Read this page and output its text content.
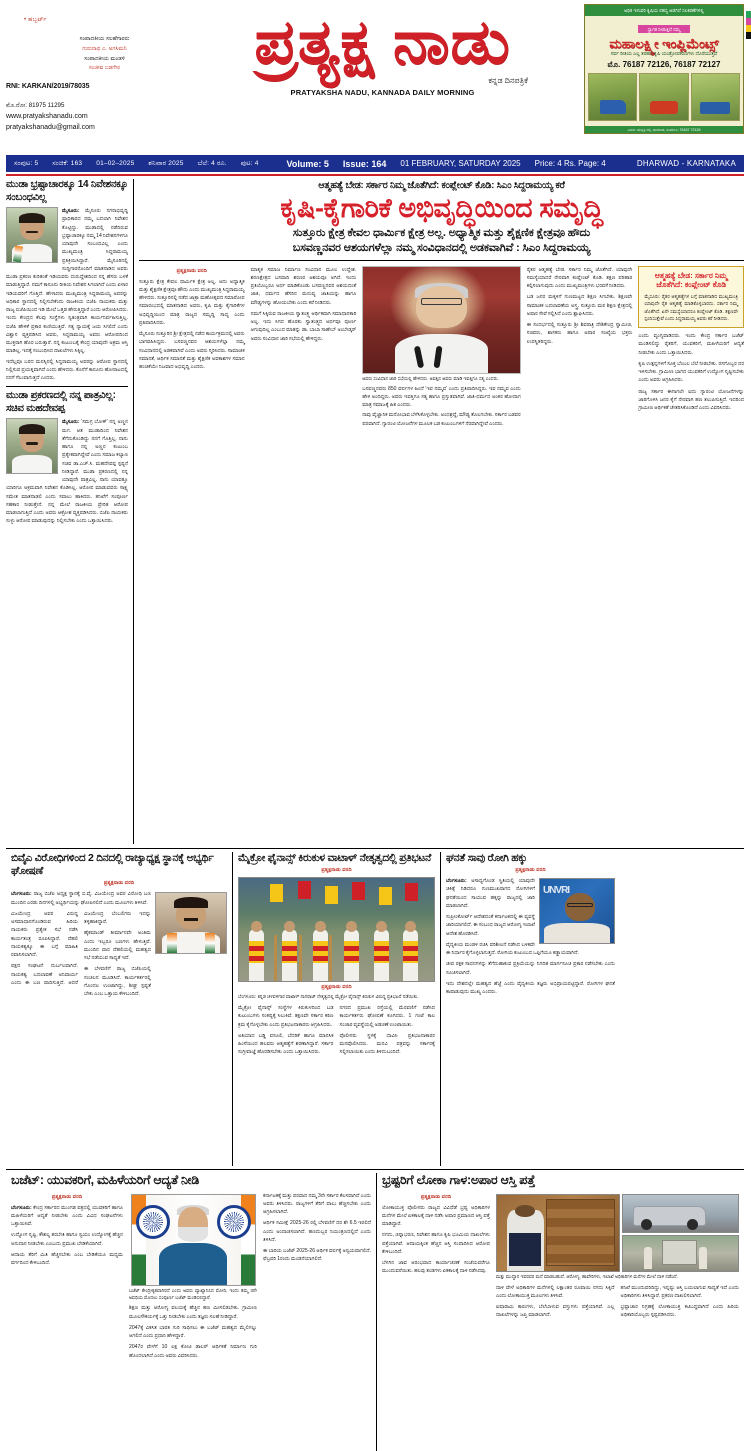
• ಹಬ್ಬರ್ಟ್
ಸಂಪಾದಕೀಯ ಸಲಹೆಗಾರರು
ಗುರುನಾಥ ಎ. ಅಗಸಿಮನಿ
ಸಂಪಾದಕೀಯ ಮಂಡಳಿ
ಸಂಜೀವ ಬಡಗೇರ
RNI: KARKAN/2019/78035
ಮೊ.ನೋ: 81975 11295
www.pratyakshanadu.com
pratyakshanadu@gmail.com
ಪ್ರತ್ಯಕ್ಷ ನಾಡು
ಕನ್ನಡ ದಿನಪತ್ರಿಕೆ
PRATYAKSHA NADU, KANNADA DAILY MORNING
ಅಧಿಕ ಇಳುವರಿ ಕೃಷಿಯ ರಹಸ್ಯ ಅಡಗಿದೆ ಸಲಕರಣೆಗಳಲ್ಲಿ
ಸ್ವಾಗತ ನೀಡುತ್ತಿದೆ ನಮ್ಮ
ಮಹಾಲಕ್ಷ್ಮೀ ಇಂಪ್ಲಿಮೆಂಟ್ಸ್
ಸರ್ವ ರೀತಿಯ ಎಲ್ಲ ತರಹದ ಕೃಷಿ ಯಂತ್ರೋಪಕರಣಗಳು ದೊರೆಯುತ್ತವೆ
ಮೊ. 76187 72126, 76187 72127
ವಿಳಾಸ: ಹುಬ್ಬಳ್ಳಿ ರಸ್ತೆ, ಧಾರವಾಡ, ಸಂಪರ್ಕಿಸಿ: 76187 72126
ಸಂಪುಟ: 5 ಸಂಚಿಕೆ: 163 01–02–2025 ಶನಿವಾರ 2025 ಬೆಲೆ: 4 ರೂ. ಪುಟ: 4	Volume: 5 Issue: 164 01 FEBRUARY, SATURDAY 2025 Price: 4 Rs. Page: 4	DHARWAD - KARNATAKA
ಮುಡಾ ಭ್ರಷ್ಟಾಚಾರಕ್ಕೂ 14 ನಿವೇಶನಕ್ಕೂ ಸಂಬಂಧವಿಲ್ಲ
ಮೈಸೂರು: ಮೈಸೂರು ನಗರಾಭಿವೃದ್ಧಿ ಪ್ರಾಧಿಕಾರದ ನಮ್ಮ ಬದಲಾಗಿ ನಿವೇಶನ ಕೊಟ್ಟಿದ್ದು. ಮುಡಾದಲ್ಲಿ ನಡೆದಿರುವ ಭ್ರಷ್ಟಾಚಾರಕ್ಕೂ ನಮ್ಮ 14 ನಿವೇಶನಗಳಿಗೂ ಯಾವುದೇ ಸಂಬಂಧವಿಲ್ಲ ಎಂದು ಮುಖ್ಯಮಂತ್ರಿ ಸಿದ್ದರಾಮಯ್ಯ ಪ್ರತಿಕ್ರಿಯಿಸಿದ್ದಾರೆ. ಮೈಸೂರಿನಲ್ಲಿ ಸುದ್ದಿಗಾರರೊಂದಿಗೆ ಮಾತನಾಡಿದ ಅವರು ಮುಡಾ ಪ್ರಕರಣ ಕುರಿತಂತೆ ಇಡಿಯವರು ದುರುದ್ದೇಶದಿಂದ ನನ್ನ ಹೆಸರು ಬಳಕೆ ಮಾಡುತ್ತಿದ್ದಾರೆ. ನಮಗೆ ಕಾನೂನು ರೀತಿಯ ನಿವೇಶನ ಸಿಗಲಾಗಿದೆ ಎಂದು ಏಳಾರ ಇಡಿಯವರಿಗೆ ಗೊತ್ತಿದೆ. ಹೇಳಾದರು ಮುಖ್ಯಮಂತ್ರಿ ಸಿದ್ದರಾಮಯ್ಯ ಅವರನ್ನು ಅಧಿಕಾರ ಸ್ಥಾನದಲ್ಲಿ ನಿಲ್ಲಿಸಬೇಕೆಂದು ರಾಜಕೀಯ ಬಿಜೆಪಿ ನಾಯಕರು ಮತ್ತು ರಾಜ್ಯ ಬಿಜೆಪಿಯಿಂದ ಇಡಿ ಮೇಲೆ ಒತ್ತಡ ಹೇರುತ್ತಿದ್ದಾರೆ ಎಂದು ಆರೋಪಿಸಿದರು. ಇಂದು ಕೇಂದ್ರದ ಕೆಲವು ಸಂಸ್ಥೆಗಳು ಸ್ವತಂತ್ರವಾಗಿ ಕಾರ್ಯನಿರ್ವಹಿಸುತ್ತಿಲ್ಲ. ಬಿಜೆಪಿ ಹೇಳಿಕೆ ಪ್ರಕಾರ ಕುಣಿಯುತ್ತಿವೆ. ಸತ್ಯ ನ್ಯಾಯಕ್ಕೆ ಜಯ ಸಿಗಲಿದೆ ಎಂದು ವಿಶ್ವಾಸ ವ್ಯಕ್ತಪಡಿಸಿದ ಅವರು, ಸಿದ್ದರಾಮಯ್ಯ ಅವರು ಆರೋಪದಿಂದ ಮುಕ್ತರಾಗಿ ಹೊರ ಬರುತ್ತಾರೆ. ನನ್ನ ಕುಟುಂಬಕ್ಕೆ ಕೇಂದ್ರ ಯಾವುದೇ ಅಕ್ರಮ ಆಸ್ತಿ ಮಾಡಿಲ್ಲ. ಇದಕ್ಕೆ ಸಂಬಂಧಿಸಿದ ದಾಖಲೆಗಳು ಸಿಕ್ಕಿಲ್ಲ.
ಇದೆಲ್ಲವೂ ಬರದ ಮನಸ್ಸಿನಲ್ಲಿ ಸಿದ್ದರಾಮಯ್ಯ ಅವರನ್ನು ಆರೋಪ ಸ್ಥಾನದಲ್ಲಿ ನಿಲ್ಲಿಸುವ ಪ್ರಯತ್ನವಾಗಿದೆ ಎಂದು ಹೇಳಿದರು. ಕೊನೆಗೆ ಕಾನೂನು ಹೋರಾಟದಲ್ಲಿ ನನಗೆ ಗೆಲುವಾಗುತ್ತದೆ ಎಂದರು.
ಮುಡಾ ಪ್ರಕರಣದಲ್ಲಿ ನನ್ನ ಪಾತ್ರವಿಲ್ಲ: ಸಚಿವ ಮಹದೇವಪ್ಪ
ಮೈಸೂರು: 'ಸಮಗ್ರ ಬೋಕ್' ನನ್ನ ಅಣ್ಣನ ಮಗ. ಆತ ಮುಡಾದಿಂದ ನಿವೇಶನ ತೆಗೆದುಕೊಂಡಿದ್ದು ನನಗೆ ಗೊತ್ತಿಲ್ಲ. ನಾನು ಹಾಗೂ ನನ್ನ ಅಣ್ಣನ ಕುಟುಂಬ ಪ್ರತ್ಯೇಕವಾಗಿದ್ದೇವೆ ಎಂದು ಸಮಾಜ ಕಲ್ಯಾಣ ಸಚಿವ ಡಾ.ಎಚ್.ಸಿ. ಮಹದೇವಪ್ಪ ಸ್ಪಷ್ಟನೆ ನೀಡಿದ್ದಾರೆ. ಮುಡಾ ಪ್ರಕರಣದಲ್ಲಿ ನನ್ನ ಯಾವುದೇ ಪಾತ್ರವಿಲ್ಲ. ನಾನು ಯಾವತ್ತೂ ಯಾರಿಗೂ ಅಕ್ರಮವಾಗಿ ನಿವೇಶನ ಕೊಡಿಸಿಲ್ಲ. ಆರೋಪ ಮಾಡುವವರು ಸಾಕ್ಷ್ಯ ಸಮೇತ ಮಾತನಾಡಲಿ ಎಂದು ಸವಾಲು ಹಾಕಿದರು. ತನಿಖೆಗೆ ಸಂಪೂರ್ಣ ಸಹಕಾರ ನೀಡುತ್ತೇನೆ. ನನ್ನ ಮೇಲೆ ರಾಜಕೀಯ ಪ್ರೇರಿತ ಆರೋಪ ಮಾಡಲಾಗುತ್ತಿದೆ ಎಂದು ಅವರು ಆಕ್ರೋಶ ವ್ಯಕ್ತಪಡಿಸಿದರು. ಬಿಜೆಪಿ ನಾಯಕರು ಸುಳ್ಳು ಆರೋಪ ಮಾಡುವುದನ್ನು ನಿಲ್ಲಿಸಬೇಕು ಎಂದು ಒತ್ತಾಯಿಸಿದರು.
ಆತ್ಮಹತ್ಯೆ ಬೇಡ: ಸರ್ಕಾರ ನಿಮ್ಮ ಜೊತೆಗಿದೆ: ಕಂಪ್ಲೇಂಟ್ ಕೊಡಿ: ಸಿಎಂ ಸಿದ್ದರಾಮಯ್ಯ ಕರೆ
ಕೃಷಿ-ಕೈಗಾರಿಕೆ ಅಭಿವೃದ್ಧಿಯಿಂದ ಸಮೃದ್ಧಿ
ಸುತ್ತೂರು ಕ್ಷೇತ್ರ ಕೇವಲ ಧಾರ್ಮಿಕ ಕ್ಷೇತ್ರ ಅಲ್ಲ. ಅಧ್ಯಾತ್ಮಿಕ ಮತ್ತು ಶೈಕ್ಷಣಿಕ ಕ್ಷೇತ್ರವೂ ಹೌದು
ಬಸವಣ್ಣನವರ ಆಶಯಗಳೆಲ್ಲಾ ನಮ್ಮ ಸಂವಿಧಾನದಲ್ಲಿ ಅಡಕವಾಗಿವೆ : ಸಿಎಂ ಸಿದ್ದರಾಮಯ್ಯ
ಪ್ರತ್ಯಕ್ಷನಾಡು ವರದಿ
ಸುತ್ತೂರು ಕ್ಷೇತ್ರ ಕೇವಲ ಧಾರ್ಮಿಕ ಕ್ಷೇತ್ರ ಅಲ್ಲ. ಅದು ಅಧ್ಯಾತ್ಮಿಕ ಮತ್ತು ಶೈಕ್ಷಣಿಕ ಕ್ಷೇತ್ರವೂ ಹೌದು ಎಂದು ಮುಖ್ಯಮಂತ್ರಿ ಸಿದ್ದರಾಮಯ್ಯ ಹೇಳಿದರು. ಸುತ್ತೂರಿನಲ್ಲಿ ನಡೆದ ಜಾತ್ರಾ ಮಹೋತ್ಸವದ ಸಮಾರೋಪ ಸಮಾರಂಭದಲ್ಲಿ ಮಾತನಾಡಿದ ಅವರು, ಕೃಷಿ ಮತ್ತು ಕೈಗಾರಿಕೆಗಳ ಅಭಿವೃದ್ಧಿಯಿಂದ ಮಾತ್ರ ರಾಜ್ಯದ ಸಮೃದ್ಧಿ ಸಾಧ್ಯ ಎಂದು ಪ್ರತಿಪಾದಿಸಿದರು.
ಮೈಸೂರು ಸುತ್ತೂರಿನ ಶ್ರೀ ಕ್ಷೇತ್ರದಲ್ಲಿ ನಡೆದ ಕಾರ್ಯಕ್ರಮದಲ್ಲಿ ಅವರು ಭಾಗವಹಿಸಿದ್ದರು. ಬಸವಣ್ಣನವರ ಆಶಯಗಳೆಲ್ಲಾ ನಮ್ಮ ಸಂವಿಧಾನದಲ್ಲಿ ಅಡಕವಾಗಿವೆ ಎಂದು ಅವರು ಸ್ಮರಿಸಿದರು. ಸಾಮಾಜಿಕ ಸಮಾನತೆ, ಆರ್ಥಿಕ ಸಮಾನತೆ ಮತ್ತು ಶೈಕ್ಷಣಿಕ ಅವಕಾಶಗಳ ಸಮಾನ ಹಂಚಿಕೆಯೇ ನಿಜವಾದ ಅಭಿವೃದ್ಧಿ ಎಂದರು.
ಮಾತೃಕ ಸಮಾಜ ನಿರ್ಮಾಣ ಸಂವಿಧಾನ ಮೂಲ ಉದ್ದೇಶ. ಶರಣಕ್ಷೇತ್ರದ ಬಸವಾದಿ ಶರಣರ ಆಶಯವೂ ಅಗಿದೆ. ಇಂದು ಪ್ರತಿಯೊಬ್ಬರೂ ಅರ್ಥ ಮಾಡಿಕೊಂಡು ಬಸವಣ್ಣನವರ ಆಶಯದಂತೆ ಜಾತಿ, ಧರ್ಮದ ಹೆಸರಿನ ಮನುಷ್ಯ ಜಾತಿಯನ್ನು ಹಾಗೂ ಮೌಢ್ಯಗಳನ್ನು ಹೋಯಬೇಕು ಎಂದು ಕರೆ ನೀಡಿದರು.
ನಮಗೆ ಸಿಕ್ಕಿರುವ ರಾಜಕೀಯ ಸ್ವಾತಂತ್ರ್ಯ ಆರ್ಥಿಕವಾಗಿ ಸಮಾಧಾನಕಾರಿ ಅಲ್ಲ. ಇದು ಸಿಗದ ಹೊರತು ಸ್ವಾತಂತ್ರ್ಯದ ಅರ್ಥವೂ ಪೂರ್ಣ ಆಗುವುದಿಲ್ಲ ಎಂಬುದ ಮಾತನ್ನು ಡಾ. ಬಾಬಾ ಸಾಹೇಬ್ ಅಂಬೇಡ್ಕರ್ ಅವರು ಸಂವಿಧಾನ ಜಾರಿ ಸಭೆಯಲ್ಲಿ ಹೇಳಿದ್ದರು.
ಅವರು ಸಂವಿಧಾನ ಜಾರಿ ಸಭೆಯಲ್ಲಿ ಹೇಳಿದರು. ಅವತ್ತಿನ ಅವರು ಮಾಡಿ ಇವತ್ತಿಗೂ ಸತ್ಯ ಎಂದರು.
ಬಸವಣ್ಣನವರು 850 ವರ್ಷಗಳ ಹಿಂದೆ 'ಇವ ನಮ್ಮವ' ಎಂದು ಪ್ರತಿಪಾದಿಸಿದ್ದರು. ಇವ ನಮ್ಮವ ಎಂದು ಹೇಳಿ ಅಂದಿದ್ದರು. ಅವರು ಇವತ್ತಿಗೂ ಸತ್ಯ ಹಾಗೂ ಪ್ರಸ್ತುತವಾಗಿವೆ. ಜಾತಿ-ಧರ್ಮದ ಅಂತರ ಹೋದಾಗ ಮಾತ್ರ ಸಮಾಜಕ್ಕೆ ಹಿತ ಎಂದರು.
ನಾವು ವೈಜ್ಞಾನಿಕ ಮನೋಭಾವ ಬೆಳೆಸಿಕೊಳ್ಳಬೇಕು. ಅಂಧಶ್ರದ್ಧೆ, ಮೌಢ್ಯ ತೊಲಗಬೇಕು. ಸರ್ಕಾರ ಬಡವರ ಪರವಾಗಿದೆ. ಗ್ಯಾರಂಟಿ ಯೋಜನೆಗಳ ಮೂಲಕ ಬಡ ಕುಟುಂಬಗಳಿಗೆ ನೆರವಾಗಿದ್ದೇವೆ ಎಂದರು.
ರೈತರ ಆತ್ಮಹತ್ಯೆ ಬೇಡ. ಸರ್ಕಾರ ನಿಮ್ಮ ಜೊತೆಗಿದೆ. ಯಾವುದೇ ಸಮಸ್ಯೆಯಾದರೆ ನೇರವಾಗಿ ಕಂಪ್ಲೇಂಟ್ ಕೊಡಿ. ತಕ್ಷಣ ಪರಿಹಾರ ಕಲ್ಪಿಸಲಾಗುವುದು ಎಂದು ಮುಖ್ಯಮಂತ್ರಿಗಳು ಭರವಸೆ ನೀಡಿದರು.
ಬಡ ಜನರ ಮಕ್ಕಳಿಗೆ ಗುಣಮಟ್ಟದ ಶಿಕ್ಷಣ ಸಿಗಬೇಕು. ಶಿಕ್ಷಣವೇ ಸಾಮಾಜಿಕ ಬದಲಾವಣೆಯ ಅಸ್ತ್ರ. ಸುತ್ತೂರು ಮಠ ಶಿಕ್ಷಣ ಕ್ಷೇತ್ರದಲ್ಲಿ ಅಪಾರ ಸೇವೆ ಸಲ್ಲಿಸಿದೆ ಎಂದು ಶ್ಲಾಘಿಸಿದರು.
ಈ ಸಂದರ್ಭದಲ್ಲಿ ಸುತ್ತೂರು ಶ್ರೀ ಶಿವರಾತ್ರಿ ದೇಶಿಕೇಂದ್ರ ಸ್ವಾಮೀಜಿ, ಸಚಿವರು, ಶಾಸಕರು ಹಾಗೂ ಅಪಾರ ಸಂಖ್ಯೆಯ ಭಕ್ತರು ಉಪಸ್ಥಿತರಿದ್ದರು.
ಆತ್ಮಹತ್ಯೆ ಬೇಡ: ಸರ್ಕಾರ ನಿಮ್ಮ ಜೊತೆಗಿದೆ: ಕಂಪ್ಲೇಂಟ್ ಕೊಡಿ
ಮೈಸೂರು: ರೈತರ ಆತ್ಮಹತ್ಯೆಗಳ ಬಗ್ಗೆ ಮಾತನಾಡಿದ ಮುಖ್ಯಮಂತ್ರಿ ಯಾವುದೇ ರೈತ ಆತ್ಮಹತ್ಯೆ ಮಾಡಿಕೊಳ್ಳಬಾರದು. ಸರ್ಕಾರ ನಿಮ್ಮ ಜೊತೆಗಿದೆ. ಏನೇ ಸಮಸ್ಯೆಯಾದರೂ ಕಂಪ್ಲೇಂಟ್ ಕೊಡಿ. ತಕ್ಷಣವೇ ಸ್ಪಂದಿಸುತ್ತೇವೆ ಎಂದು ಸಿದ್ದರಾಮಯ್ಯ ಅವರು ಕರೆ ನೀಡಿದರು.
ಎಂದು ವ್ಯಂಗ್ಯವಾಡಿದರು. ಇಂದು ಕೇಂದ್ರ ಸರ್ಕಾರ ಬಜೆಟ್ ಮಂಡಿಸಲಿದ್ದು ರೈತರಿಗೆ, ಯುವಕರಿಗೆ, ಮಹಿಳೆಯರಿಗೆ ಆದ್ಯತೆ ನೀಡಬೇಕು ಎಂದು ಒತ್ತಾಯಿಸಿದರು.
ಕೃಷಿ ಉತ್ಪನ್ನಗಳಿಗೆ ಸೂಕ್ತ ಬೆಂಬಲ ಬೆಲೆ ನೀಡಬೇಕು. ರಸಗೊಬ್ಬರ ದರ ಇಳಿಸಬೇಕು. ಗ್ರಾಮೀಣ ಭಾಗದ ಯುವಕರಿಗೆ ಉದ್ಯೋಗ ಸೃಷ್ಟಿಸಬೇಕು ಎಂದು ಅವರು ಆಗ್ರಹಿಸಿದರು.
ರಾಜ್ಯ ಸರ್ಕಾರ ಈಗಾಗಲೇ ಐದು ಗ್ಯಾರಂಟಿ ಯೋಜನೆಗಳನ್ನು ಜಾರಿಗೊಳಿಸಿ ಜನರ ಕೈಗೆ ನೇರವಾಗಿ ಹಣ ತಲುಪಿಸುತ್ತಿದೆ. ಇದರಿಂದ ಗ್ರಾಮೀಣ ಆರ್ಥಿಕತೆ ಚೇತರಿಸಿಕೊಂಡಿದೆ ಎಂದು ವಿವರಿಸಿದರು.
ಬಿವೈಎ ವಿರೋಧಿಗಳಿಂದ 2 ದಿನದಲ್ಲಿ ರಾಜ್ಯಾಧ್ಯಕ್ಷ ಸ್ಥಾನಕ್ಕೆ ಅಭ್ಯರ್ಥಿ ಘೋಷಣೆ
ಪ್ರತ್ಯಕ್ಷನಾಡು ವರದಿ
ಬೆಂಗಳೂರು: ರಾಜ್ಯ ಬಿಜೆಪಿ ಅಧ್ಯಕ್ಷ ಸ್ಥಾನಕ್ಕೆ ಬಿ.ವೈ. ವಿಜಯೇಂದ್ರ ಅವರ ವಿರೋಧಿ ಬಣ ಮುಂದಿನ ಎರಡು ದಿನಗಳಲ್ಲಿ ಅಭ್ಯರ್ಥಿಯನ್ನು ಘೋಷಿಸಲಿದೆ ಎಂದು ಮೂಲಗಳು ತಿಳಿಸಿವೆ.
ವಿಜಯೇಂದ್ರ ಅವರ ವಿರುದ್ಧ ಅಸಮಾಧಾನಗೊಂಡಿರುವ ಹಿರಿಯ ನಾಯಕರು ಪ್ರತ್ಯೇಕ ಸಭೆ ನಡೆಸಿ ಕಾರ್ಯತಂತ್ರ ರೂಪಿಸಿದ್ದಾರೆ. ದೆಹಲಿ ನಾಯಕತ್ವಕ್ಕೂ ಈ ಬಗ್ಗೆ ಮಾಹಿತಿ ರವಾನಿಸಲಾಗಿದೆ.
ಪಕ್ಷದ ಸಂಘಟನೆ ದುರ್ಬಲವಾಗಿದೆ. ನಾಯಕತ್ವ ಬದಲಾವಣೆ ಅನಿವಾರ್ಯ ಎಂದು ಈ ಬಣ ವಾದಿಸುತ್ತಿದೆ. ಆದರೆ ವಿಜಯೇಂದ್ರ ಬೆಂಬಲಿಗರು ಇದನ್ನು ತಳ್ಳಿಹಾಕಿದ್ದಾರೆ.
ಹೈಕಮಾಂಡ್ ತೀರ್ಮಾನವೇ ಅಂತಿಮ ಎಂದು ಇಬ್ಬರೂ ಬಣಗಳು ಹೇಳುತ್ತಿವೆ. ಮುಂದಿನ ವಾರ ದೆಹಲಿಯಲ್ಲಿ ಮಹತ್ವದ ಸಭೆ ನಡೆಯುವ ಸಾಧ್ಯತೆ ಇದೆ.
ಈ ಬೆಳವಣಿಗೆ ರಾಜ್ಯ ಬಿಜೆಪಿಯಲ್ಲಿ ಸಂಚಲನ ಮೂಡಿಸಿದೆ. ಕಾರ್ಯಕರ್ತರಲ್ಲಿ ಗೊಂದಲ ಉಂಟಾಗಿದ್ದು, ಶೀಘ್ರ ಸ್ಪಷ್ಟತೆ ಬೇಕು ಎಂಬ ಒತ್ತಾಯ ಕೇಳಿಬಂದಿದೆ.
ಮೈಕ್ರೋ ಫೈನಾನ್ಸ್ ಕಿರುಕುಳ ವಾಟಾಳ್ ನೇತೃತ್ವದಲ್ಲಿ ಪ್ರತಿಭಟನೆ
ಪ್ರತ್ಯಕ್ಷನಾಡು ವರದಿ
ಪ್ರತ್ಯಕ್ಷನಾಡು ವರದಿ
ಬೆಂಗಳೂರು: ಕನ್ನಡ ಚಳವಳಿಗಾರ ವಾಟಾಳ್ ನಾಗರಾಜ್ ನೇತೃತ್ವದಲ್ಲಿ ಮೈಕ್ರೋ ಫೈನಾನ್ಸ್ ಕಿರುಕುಳ ವಿರುದ್ಧ ಪ್ರತಿಭಟನೆ ನಡೆಯಿತು.
ಮೈಕ್ರೋ ಫೈನಾನ್ಸ್ ಸಂಸ್ಥೆಗಳ ಕಿರುಕುಳದಿಂದ ಬಡ ಕುಟುಂಬಗಳು ಸಂಕಷ್ಟಕ್ಕೆ ಸಿಲುಕಿವೆ. ತಕ್ಷಣವೇ ಸರ್ಕಾರ ಕಠಿಣ ಕ್ರಮ ಕೈಗೊಳ್ಳಬೇಕು ಎಂದು ಪ್ರತಿಭಟನಾಕಾರರು ಆಗ್ರಹಿಸಿದರು.
ಅತಿಯಾದ ಬಡ್ಡಿ ವಸೂಲಿ, ಬೆದರಿಕೆ ಹಾಗೂ ಮಾನಸಿಕ ಹಿಂಸೆಯಿಂದ ಹಲವರು ಆತ್ಮಹತ್ಯೆಗೆ ಶರಣಾಗಿದ್ದಾರೆ. ಸರ್ಕಾರ ಸುಗ್ರೀವಾಜ್ಞೆ ಹೊರಡಿಸಬೇಕು ಎಂದು ಒತ್ತಾಯಿಸಿದರು.
ನಗರದ ಪ್ರಮುಖ ರಸ್ತೆಯಲ್ಲಿ ಮೆರವಣಿಗೆ ನಡೆಸಿದ ಕಾರ್ಯಕರ್ತರು ಘೋಷಣೆ ಕೂಗಿದರು. 1 ಗಂಟೆ ಕಾಲ ಸಂಚಾರ ವ್ಯವಸ್ಥೆಯಲ್ಲಿ ಅಡಚಣೆ ಉಂಟಾಯಿತು.
ಪೊಲೀಸರು ಸ್ಥಳಕ್ಕೆ ಧಾವಿಸಿ ಪ್ರತಿಭಟನಾಕಾರರ ಮನವೊಲಿಸಿದರು. ಮನವಿ ಪತ್ರವನ್ನು ಸರ್ಕಾರಕ್ಕೆ ಸಲ್ಲಿಸಲಾಯಿತು ಎಂದು ತಿಳಿದುಬಂದಿದೆ.
ಘನತೆ ಸಾವು ರೋಗಿ ಹಕ್ಕು
ಪ್ರತ್ಯಕ್ಷನಾಡು ವರದಿ
UNVRI
ಬೆಂಗಳೂರು: ಅಸಾಧ್ಯಗೊಂಡ ಸ್ಥಿತಿಯಲ್ಲಿ ಯಾವುದೇ ಚಿಕಿತ್ಸೆ ನಿಡಿದರೂ ಗುಣಮುಖರಾಗದ ರೋಗಿಗಳಿಗೆ ಘನತೆಯಿಂದ ಸಾಯುವ ಹಕ್ಕನ್ನು ರಾಜ್ಯದಲ್ಲಿ ಜಾರಿ ಮಾಡಲಾಗಿದೆ.
ಸುಪ್ರೀಂಕೋರ್ಟ್ ಆದೇಶದಂತೆ ಕರ್ನಾಟಕದಲ್ಲಿ ಈ ವ್ಯವಸ್ಥೆ ಜಾರಿಯಾಗಲಿದೆ. ಈ ಸಂಬಂಧ ರಾಜ್ಯದ ಆರೋಗ್ಯ ಇಲಾಖೆ ಆದೇಶ ಹೊರಡಿಸಿದೆ.
ವೈದ್ಯಕೀಯ ಮಂಡಳಿ ರಚಿಸಿ ಪರಿಶೀಲನೆ ನಡೆಸಿದ ಬಳಿಕವೇ ಈ ನಿರ್ಧಾರ ಕೈಗೊಳ್ಳಲಾಗುತ್ತದೆ. ರೋಗಿಯ ಕುಟುಂಬದ ಒಪ್ಪಿಗೆಯೂ ಕಡ್ಡಾಯವಾಗಿದೆ.
ಜೀವ ರಕ್ಷಕ ಸಾಧನಗಳನ್ನು ತೆಗೆದುಹಾಕುವ ಪ್ರಕ್ರಿಯೆಯನ್ನು ನಿಗದಿತ ಮಾರ್ಗಸೂಚಿ ಪ್ರಕಾರ ನಡೆಸಬೇಕು ಎಂದು ಸೂಚಿಸಲಾಗಿದೆ.
ಇದು ದೇಶದಲ್ಲೇ ಮಹತ್ವದ ಹೆಜ್ಜೆ ಎಂದು ವೈದ್ಯಕೀಯ ತಜ್ಞರು ಅಭಿಪ್ರಾಯಪಟ್ಟಿದ್ದಾರೆ. ರೋಗಿಗಳ ಘನತೆ ಕಾಪಾಡುವುದು ಮುಖ್ಯ ಎಂದರು.
ಬಜೆಟ್: ಯುವಕರಿಗೆ, ಮಹಿಳೆಯರಿಗೆ ಆದ್ಯತೆ ನೀಡಿ
ಪ್ರತ್ಯಕ್ಷನಾಡು ವರದಿ
ಬೆಂಗಳೂರು: ಕೇಂದ್ರ ಸರ್ಕಾರದ ಮುಂಗಡ ಪತ್ರದಲ್ಲಿ ಯುವಕರಿಗೆ ಹಾಗೂ ಮಹಿಳೆಯರಿಗೆ ಆದ್ಯತೆ ನೀಡಬೇಕು ಎಂದು ವಿವಿಧ ಸಂಘಟನೆಗಳು ಒತ್ತಾಯಿಸಿವೆ.
ಉದ್ಯೋಗ ಸೃಷ್ಟಿ, ಕೌಶಲ್ಯ ತರಬೇತಿ ಹಾಗೂ ಸ್ವಯಂ ಉದ್ಯೋಗಕ್ಕೆ ಹೆಚ್ಚಿನ ಅನುದಾನ ನೀಡಬೇಕು ಎಂಬುದು ಪ್ರಮುಖ ಬೇಡಿಕೆಯಾಗಿದೆ.
ಆದಾಯ ತೆರಿಗೆ ಮಿತಿ ಹೆಚ್ಚಿಸಬೇಕು ಎಂಬ ಬೇಡಿಕೆಯೂ ಮಧ್ಯಮ ವರ್ಗದಿಂದ ಕೇಳಿಬಂದಿದೆ.
ಬಜೆಟ್ ಕೇಂದ್ರೀಕೃತವಾಗಿರದೆ ಎಂದು ಅವರು ವ್ಯಾಖ್ಯಾನಿಸಿದ ಮೋದಿ, ಇಂದು ತಮ್ಮ 3ನೇ ಅವಧಿಯ ಮೊದಲು ಸಂಪೂರ್ಣ ಬಜೆಟ್ ಮಂಡಿಸಲಿದ್ದಾರೆ.
ಶಿಕ್ಷಣ ಮತ್ತು ಆರೋಗ್ಯ ವಲಯಕ್ಕೆ ಹೆಚ್ಚಿನ ಹಣ ಮೀಸಲಿಡಬೇಕು. ಗ್ರಾಮೀಣ ಮೂಲಸೌಕರ್ಯಕ್ಕೆ ಒತ್ತು ನೀಡಬೇಕು ಎಂದು ತಜ್ಞರು ಸಲಹೆ ನೀಡಿದ್ದಾರೆ.
2047ಕ್ಕೆ ವಿಕಸಿತ ಭಾರತ ಗುರಿ ಸಾಧಿಸಲು ಈ ಬಜೆಟ್ ಮಹತ್ವದ ಮೈಲಿಗಲ್ಲು ಆಗಲಿದೆ ಎಂದು ಪ್ರಧಾನಿ ಹೇಳಿದ್ದಾರೆ.
2047ರ ವೇಳೆಗೆ 10 ಲಕ್ಷ ಕೋಟಿ ಡಾಲರ್ ಆರ್ಥಿಕತೆ ನಿರ್ಮಾಣ ಗುರಿ ಹೊಂದಲಾಗಿದೆ ಎಂದು ಅವರು ವಿವರಿಸಿದರು.
ಕರ್ನಾಟಕಕ್ಕೆ ಮತ್ತು ಪರವಾದ ನಮ್ಮ 3ನೇ ಸರ್ಕಾರ ಕೆಲಸವಾಗಿದೆ ಎಂದು ಅವರು ತಿಳಿಸಿದರು. ರಾಜ್ಯಗಳಿಗೆ ತೆರಿಗೆ ಪಾಲು ಹೆಚ್ಚಿಸಬೇಕು ಎಂದು ಆಗ್ರಹಿಸಲಾಗಿದೆ.
ಆರ್ಥಿಕ ಸಮೀಕ್ಷೆ 2025-26 ರಲ್ಲಿ ಬೆಳವಣಿಗೆ ದರ ಶೇ 6.5 ಇರಲಿದೆ ಎಂದು ಅಂದಾಜಿಸಲಾಗಿದೆ. ಹಣದುಬ್ಬರ ನಿಯಂತ್ರಣದಲ್ಲಿದೆ ಎಂದು ತಿಳಿಸಿದೆ.
ಈ ಬಾರಿಯ ಬಜೆಟ್ 2025-26 ಆರ್ಥಿಕ ವರ್ಷಕ್ಕೆ ಅನ್ವಯವಾಗಲಿದೆ. ಫೆಬ್ರವರಿ 1ರಂದು ಮಂಡನೆಯಾಗಲಿದೆ.
ಭ್ರಷ್ಟರಿಗೆ ಲೋಕಾ ಗಾಳ:ಅಪಾರ ಆಸ್ತಿ ಪತ್ತೆ
ಪ್ರತ್ಯಕ್ಷನಾಡು ವರದಿ
ಲೋಕಾಯುಕ್ತ ಪೊಲೀಸರು ರಾಜ್ಯದ ವಿವಿಧೆಡೆ ಭ್ರಷ್ಟ ಅಧಿಕಾರಿಗಳ ಮನೆಗಳ ಮೇಲೆ ಏಕಕಾಲಕ್ಕೆ ದಾಳಿ ನಡೆಸಿ ಅಪಾರ ಪ್ರಮಾಣದ ಆಸ್ತಿ ಪತ್ತೆ ಮಾಡಿದ್ದಾರೆ.
ನಗದು, ಚಿನ್ನಾಭರಣ, ನಿವೇಶನ ಹಾಗೂ ಕೃಷಿ ಭೂಮಿಯ ದಾಖಲೆಗಳು ಪತ್ತೆಯಾಗಿವೆ. ಆದಾಯಕ್ಕಿಂತ ಹೆಚ್ಚಿನ ಆಸ್ತಿ ಸಂಪಾದಿಸಿದ ಆರೋಪ ಕೇಳಿಬಂದಿದೆ.
ಬೆಳಗಿನ ಜಾವ ಆರಂಭವಾದ ಕಾರ್ಯಾಚರಣೆ ಸಂಜೆಯವರೆಗೂ ಮುಂದುವರೆಯಿತು. ಹಲವು ತಂಡಗಳು ಏಕಕಾಲಕ್ಕೆ ದಾಳಿ ನಡೆಸಿದವು.
ಮತ್ತು ಮುದ್ದಾನ ಇವರವರ ಮನೆ ಮಾಡಬಹುದೆ. ಆರೋಗ್ಯ, ಹಾವೇರಿಗಳು, ಇಲಾಖೆ ಅಧಿಕಾರಿಗಳ ಮನೆಗಳ ಮೇಲೆ ದಾಳಿ ನಡೆಸಿದೆ.
ದಾಳಿ ವೇಳೆ ಅಧಿಕಾರಿಗಳ ಮನೆಗಳಲ್ಲಿ ಲಕ್ಷಾಂತರ ರೂಪಾಯಿ ನಗದು ಸಿಕ್ಕಿದೆ ಎಂದು ಲೋಕಾಯುಕ್ತ ಮೂಲಗಳು ತಿಳಿಸಿವೆ.
ಐಷಾರಾಮಿ ಕಾರುಗಳು, ಬೆಲೆಬಾಳುವ ವಸ್ತುಗಳು ಪತ್ತೆಯಾಗಿವೆ. ಎಲ್ಲ ದಾಖಲೆಗಳನ್ನು ಜಪ್ತಿ ಮಾಡಲಾಗಿದೆ.
ತನಿಖೆ ಮುಂದುವರಿದಿದ್ದು, ಇನ್ನಷ್ಟು ಆಸ್ತಿ ಬಯಲಾಗುವ ಸಾಧ್ಯತೆ ಇದೆ ಎಂದು ಅಧಿಕಾರಿಗಳು ತಿಳಿಸಿದ್ದಾರೆ. ಪ್ರಕರಣ ದಾಖಲಿಸಲಾಗಿದೆ.
ಭ್ರಷ್ಟಾಚಾರ ನಿಗ್ರಹಕ್ಕೆ ಲೋಕಾಯುಕ್ತ ಕಟಿಬದ್ಧವಾಗಿದೆ ಎಂದು ಹಿರಿಯ ಅಧಿಕಾರಿಯೊಬ್ಬರು ಸ್ಪಷ್ಟಪಡಿಸಿದರು.
